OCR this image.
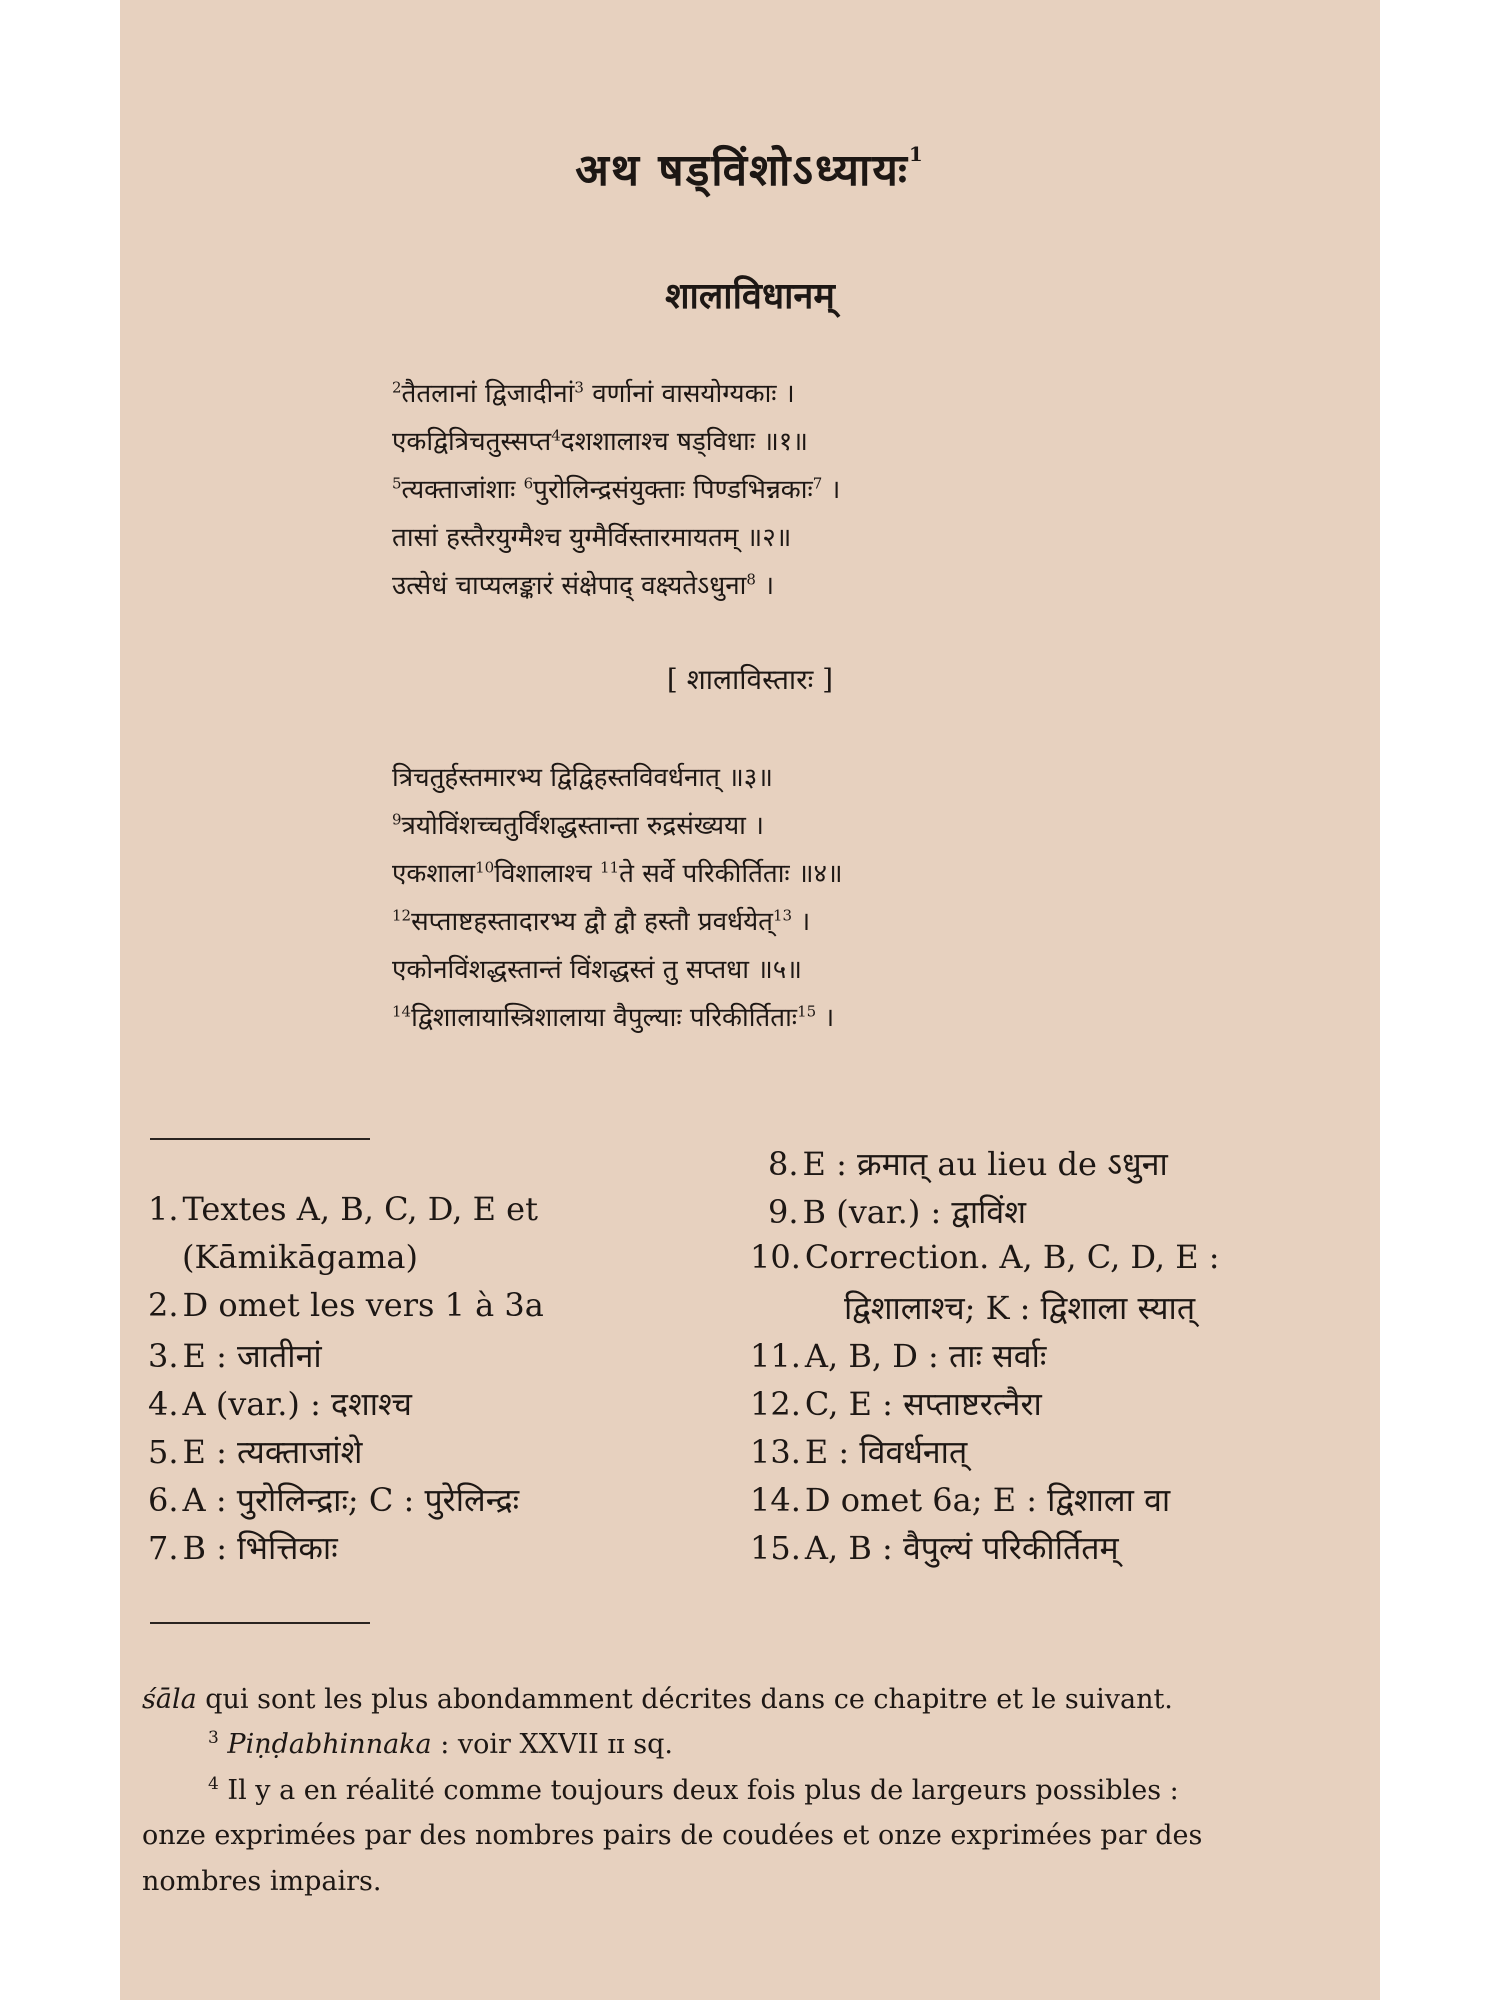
अथ षड्विंशोऽध्यायः$^1$
शालाविधानम्
$^2$तैतलानां द्विजादीनां$^3$ वर्णानां वासयोग्यकाः ।
एकद्वित्रिचतुस्सप्त$^4$दशशालाश्च षड्विधाः ॥१॥
$^5$त्यक्ताजांशाः $^6$पुरोलिन्द्रसंयुक्ताः पिण्डभिन्नकाः$^7$ ।
तासां हस्तैरयुग्मैश्च युग्मैर्विस्तारमायतम् ॥२॥
उत्सेधं चाप्यलङ्कारं संक्षेपाद् वक्ष्यतेऽधुना$^8$ ।
[ शालाविस्तारः ]
त्रिचतुर्हस्तमारभ्य द्विद्विहस्तविवर्धनात् ॥३॥
$^9$त्रयोविंशच्चतुर्विंशद्धस्तान्ता रुद्रसंख्यया ।
एकशाला$^{10}$विशालाश्च $^{11}$ते सर्वे परिकीर्तिताः ॥४॥
$^{12}$सप्ताष्टहस्तादारभ्य द्वौ द्वौ हस्तौ प्रवर्धयेत्$^{13}$ ।
एकोनविंशद्धस्तान्तं विंशद्धस्तं तु सप्तधा ॥५॥
$^{14}$द्विशालायास्त्रिशालाया वैपुल्याः परिकीर्तिताः$^{15}$ ।
1. Textes A, B, C, D, E et
(Kāmikāgama)
2. D omet les vers 1 à 3a
3. E : जातीनां
4. A (var.) : दशाश्च
5. E : त्यक्ताजांशे
6. A : पुरोलिन्द्राः; C : पुरेलिन्द्रः
7. B : भित्तिकाः
8. E : क्रमात् au lieu de ऽधुना
9. B (var.) : द्वाविंश
10. Correction. A, B, C, D, E :
द्विशालाश्च; K : द्विशाला स्यात्
11. A, B, D : ताः सर्वाः
12. C, E : सप्ताष्टरत्नैरा
13. E : विवर्धनात्
14. D omet 6a; E : द्विशाला वा
15. A, B : वैपुल्यं परिकीर्तितम्
śāla qui sont les plus abondamment décrites dans ce chapitre et le suivant.
$^3$ Piṇḍabhinnaka : voir XXVII ɪɪ sq.
$^4$ Il y a en réalité comme toujours deux fois plus de largeurs possibles :
onze exprimées par des nombres pairs de coudées et onze exprimées par des
nombres impairs.
